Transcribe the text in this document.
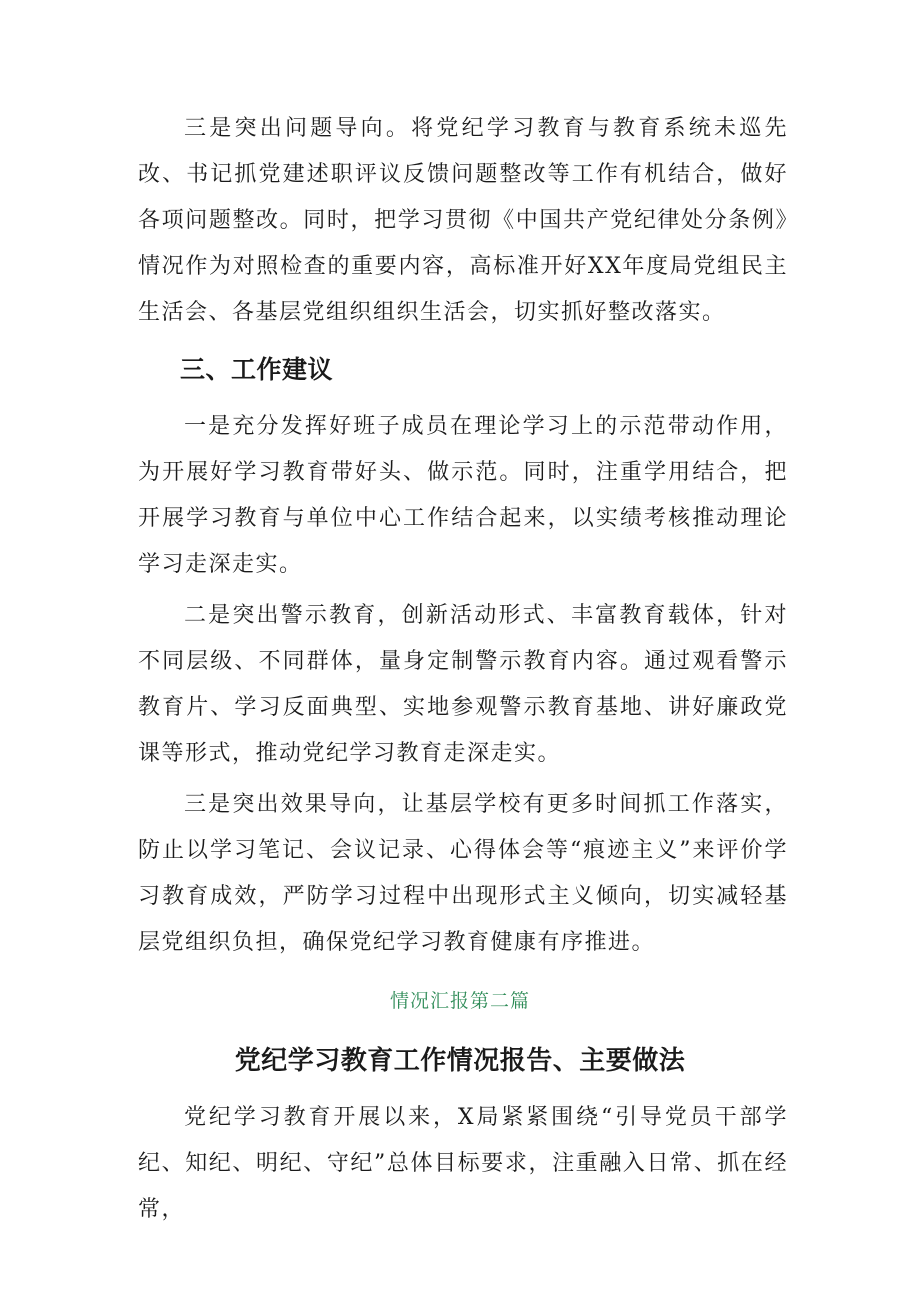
三是突出问题导向。将党纪学习教育与教育系统未巡先改、书记抓党建述职评议反馈问题整改等工作有机结合，做好各项问题整改。同时，把学习贯彻《中国共产党纪律处分条例》情况作为对照检查的重要内容，高标准开好XX年度局党组民主生活会、各基层党组织组织生活会，切实抓好整改落实。

三、工作建议

一是充分发挥好班子成员在理论学习上的示范带动作用，为开展好学习教育带好头、做示范。同时，注重学用结合，把开展学习教育与单位中心工作结合起来，以实绩考核推动理论学习走深走实。

二是突出警示教育，创新活动形式、丰富教育载体，针对不同层级、不同群体，量身定制警示教育内容。通过观看警示教育片、学习反面典型、实地参观警示教育基地、讲好廉政党课等形式，推动党纪学习教育走深走实。

三是突出效果导向，让基层学校有更多时间抓工作落实，防止以学习笔记、会议记录、心得体会等“痕迹主义”来评价学习教育成效，严防学习过程中出现形式主义倾向，切实减轻基层党组织负担，确保党纪学习教育健康有序推进。

情况汇报第二篇

党纪学习教育工作情况报告、主要做法

党纪学习教育开展以来，X局紧紧围绕“引导党员干部学纪、知纪、明纪、守纪”总体目标要求，注重融入日常、抓在经常，
